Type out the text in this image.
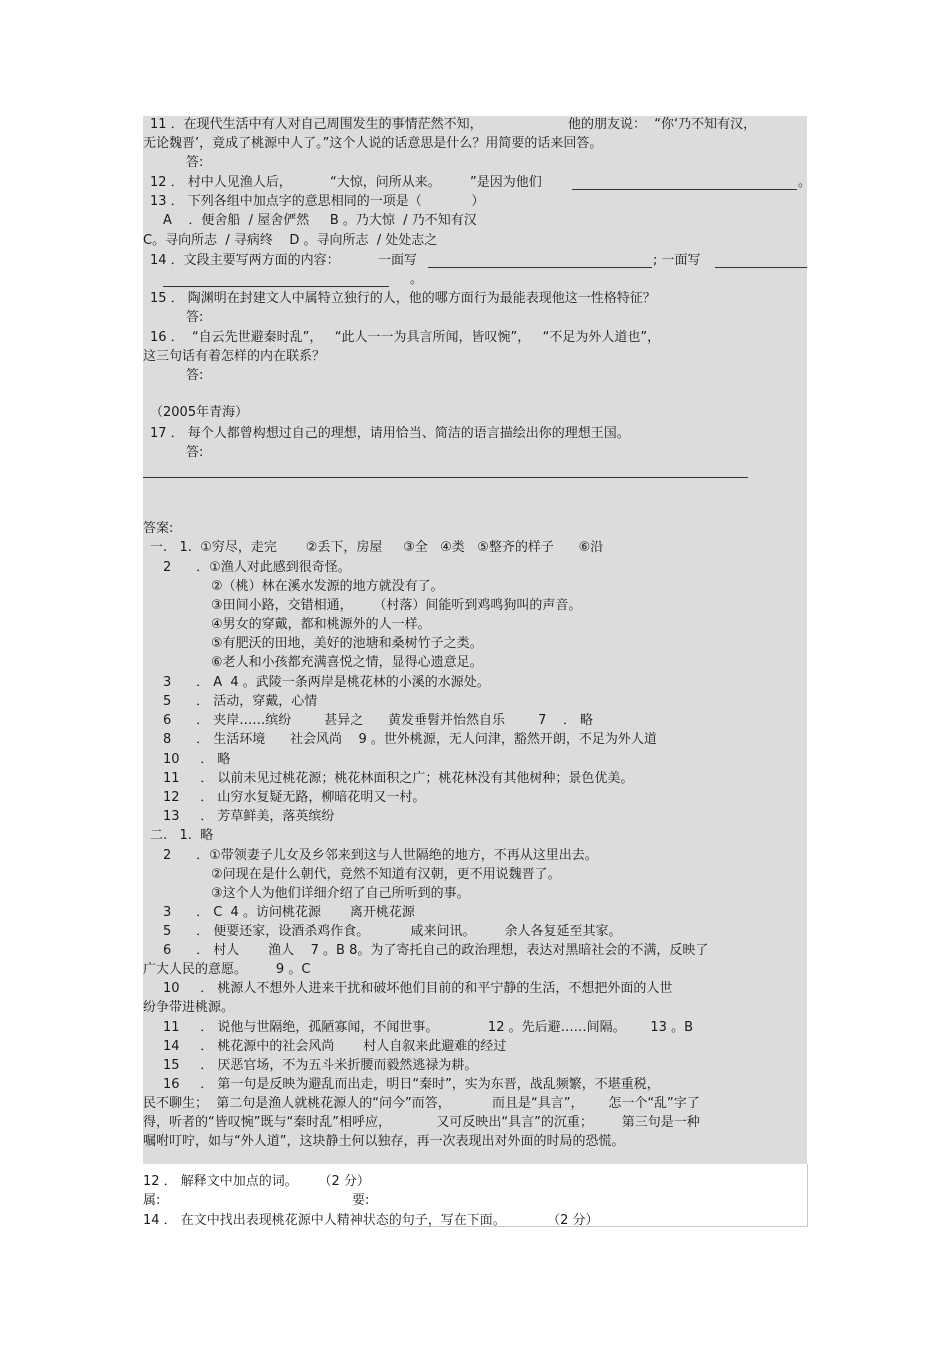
11 ．在现代生活中有人对自己周围发生的事情茫然不知，	他的朋友说：  “你‘乃不知有汉，
无论魏晋’，竟成了桃源中人了。”这个人说的话意思是什么？用简要的话来回答。
答:
12 ． 村中人见渔人后，	“大惊，问所从来。 ”是因为他们	。
13 ． 下列各组中加点字的意思相同的一项是（            ）
A    ．便舍船  / 屋舍俨然     B 。乃大惊  / 乃不知有汉
C。寻向所志  / 寻病终    D 。寻向所志  / 处处志之
14 ．文段主要写两方面的内容：	一面写	; 一面写
。
15 ． 陶渊明在封建文人中属特立独行的人，他的哪方面行为最能表现他这一性格特征？
答:
16 ．  “自云先世避秦时乱”，   “此人一一为具言所闻，皆叹惋”，   “不足为外人道也”，
这三句话有着怎样的内在联系？
答:
（2005年青海）
17 ． 每个人都曾构想过自己的理想，请用恰当、简洁的语言描绘出你的理想王国。
答:
答案:
一.   1.  ①穷尽，走完       ②丢下，房屋     ③全   ④类   ⑤整齐的样子      ⑥沿
2      ．①渔人对此感到很奇怪。
②（桃）林在溪水发源的地方就没有了。
③田间小路，交错相通，     （村落）间能听到鸡鸣狗叫的声音。
④男女的穿戴，都和桃源外的人一样。
⑤有肥沃的田地，美好的池塘和桑树竹子之类。
⑥老人和小孩都充满喜悦之情，显得心遗意足。
3      ． A  4 。武陵一条两岸是桃花林的小溪的水源处。
5      ． 活动，穿戴，心情
6      ． 夹岸……缤纷        甚异之      黄发垂髫并怡然自乐        7    ． 略
8      ． 生活环境      社会风尚    9 。世外桃源，无人问津，豁然开朗，不足为外人道
10     ． 略
11     ． 以前未见过桃花源；桃花林面积之广；桃花林没有其他树种；景色优美。
12     ． 山穷水复疑无路，柳暗花明又一村。
13     ． 芳草鲜美，落英缤纷
二.   1.  略
2      ．①带领妻子儿女及乡邻来到这与人世隔绝的地方，不再从这里出去。
②问现在是什么朝代，竟然不知道有汉朝，更不用说魏晋了。
③这个人为他们详细介绍了自己所听到的事。
3      ． C  4 。访问桃花源       离开桃花源
5      ． 便要还家，设酒杀鸡作食。          咸来问讯。       余人各复延至其家。
6      ． 村人       渔人    7 。B 8。为了寄托自己的政治理想，表达对黑暗社会的不满，反映了
广大人民的意愿。       9 。C
10     ． 桃源人不想外人进来干扰和破坏他们目前的和平宁静的生活，不想把外面的人世
纷争带进桃源。
11     ． 说他与世隔绝，孤陋寡闻，不闻世事。            12 。先后避……间隔。      13 。B
14     ． 桃花源中的社会风尚       村人自叙来此避难的经过
15     ． 厌恶官场，不为五斗米折腰而毅然逃禄为耕。
16     ． 第一句是反映为避乱而出走，明日“秦时”，实为东晋，战乱频繁，不堪重税，
民不聊生；  第二句是渔人就桃花源人的“问今”而答，          而且是“具言”，      怎一个“乱”字了
得，听者的“皆叹惋”既与“秦时乱”相呼应，           又可反映出“具言”的沉重；       第三句是一种
嘱咐叮咛，如与“外人道”，这块静土何以独存，再一次表现出对外面的时局的恐慌。
12 ． 解释文中加点的词。     （2 分）
属:	要:
14 ． 在文中找出表现桃花源中人精神状态的句子，写在下面。          （2 分）
